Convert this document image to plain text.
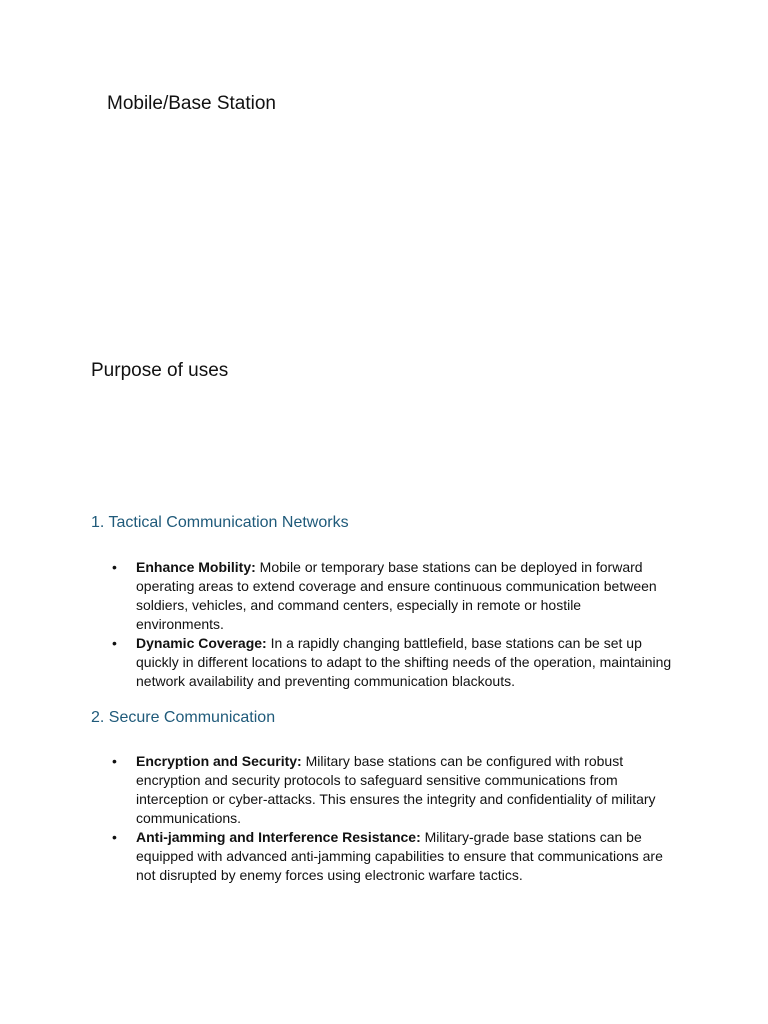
Mobile/Base Station
Purpose of uses
1. Tactical Communication Networks
•	Enhance Mobility: Mobile or temporary base stations can be deployed in forward operating areas to extend coverage and ensure continuous communication between soldiers, vehicles, and command centers, especially in remote or hostile environments.
•	Dynamic Coverage: In a rapidly changing battlefield, base stations can be set up quickly in different locations to adapt to the shifting needs of the operation, maintaining network availability and preventing communication blackouts.
2. Secure Communication
•	Encryption and Security: Military base stations can be configured with robust encryption and security protocols to safeguard sensitive communications from interception or cyber-attacks. This ensures the integrity and confidentiality of military communications.
•	Anti-jamming and Interference Resistance: Military-grade base stations can be equipped with advanced anti-jamming capabilities to ensure that communications are not disrupted by enemy forces using electronic warfare tactics.
